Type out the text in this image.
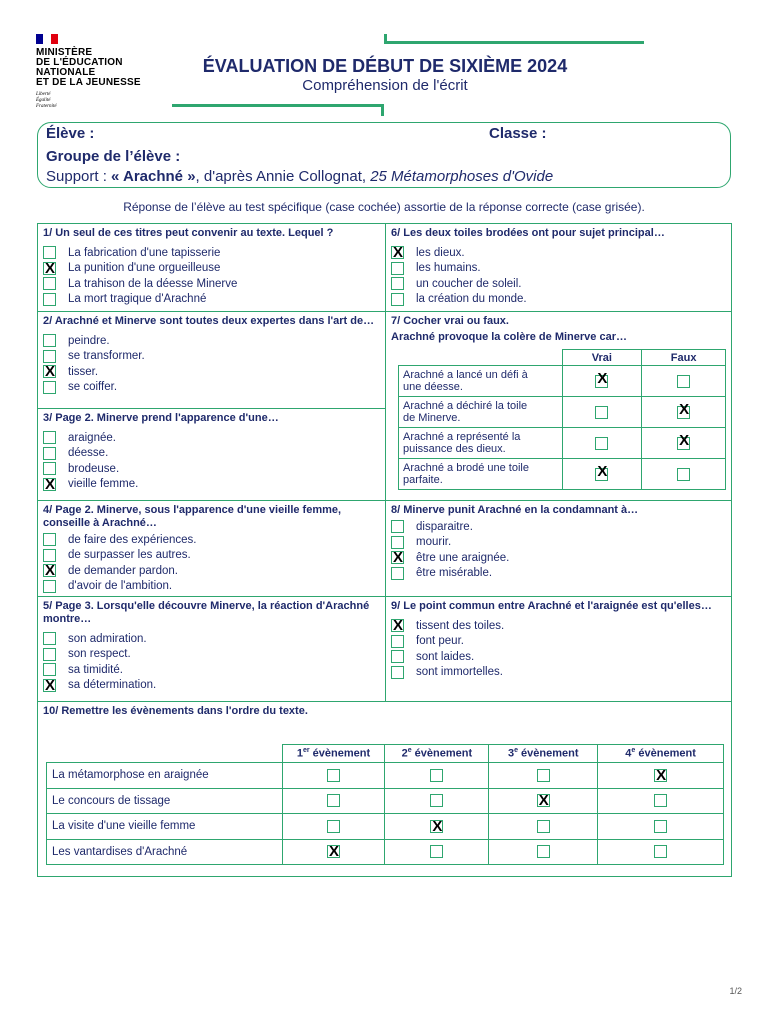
MINISTÈRE
DE L'ÉDUCATION
NATIONALE
ET DE LA JEUNESSE
Liberté
Égalité
Fraternité
ÉVALUATION DE DÉBUT DE SIXIÈME 2024
Compréhension de l'écrit
Élève :	Classe :
Groupe de l’élève :
Support : « Arachné », d'après Annie Collognat, 25 Métamorphoses d'Ovide
Réponse de l’élève au test spécifique (case cochée) assortie de la réponse correcte (case grisée).
1/ Un seul de ces titres peut convenir au texte. Lequel ?
La fabrication d'une tapisserie
X
La punition d'une orgueilleuse
La trahison de la déesse Minerve
La mort tragique d'Arachné
6/ Les deux toiles brodées ont pour sujet principal…
X
les dieux.
les humains.
un coucher de soleil.
la création du monde.
2/ Arachné et Minerve sont toutes deux expertes dans l'art de…
peindre.
se transformer.
X
tisser.
se coiffer.
3/ Page 2. Minerve prend l'apparence d'une…
araignée.
déesse.
brodeuse.
X
vieille femme.
7/ Cocher vrai ou faux.
Arachné provoque la colère de Minerve car…
	Vrai	Faux

Arachné a lancé un défi à
une déesse.
	X	

Arachné a déchiré la toile
de Minerve.
		X

Arachné a représenté la
puissance des dieux.
		X

Arachné a brodé une toile
parfaite.
	X	
4/ Page 2. Minerve, sous l'apparence d'une vieille femme, conseille à Arachné…
de faire des expériences.
de surpasser les autres.
X
de demander pardon.
d'avoir de l'ambition.
8/ Minerve punit Arachné en la condamnant à…
disparaitre.
mourir.
X
être une araignée.
être misérable.
5/ Page 3. Lorsqu'elle découvre Minerve, la réaction d'Arachné montre…
son admiration.
son respect.
sa timidité.
X
sa détermination.
9/ Le point commun entre Arachné et l'araignée est qu'elles…
X
tissent des toiles.
font peur.
sont laides.
sont immortelles.
10/ Remettre les évènements dans l'ordre du texte.
	1er évènement	2e évènement	3e évènement	4e évènement
La métamorphose en araignée				X
Le concours de tissage			X	
La visite d'une vieille femme		X		
Les vantardises d'Arachné	X			
1/2
